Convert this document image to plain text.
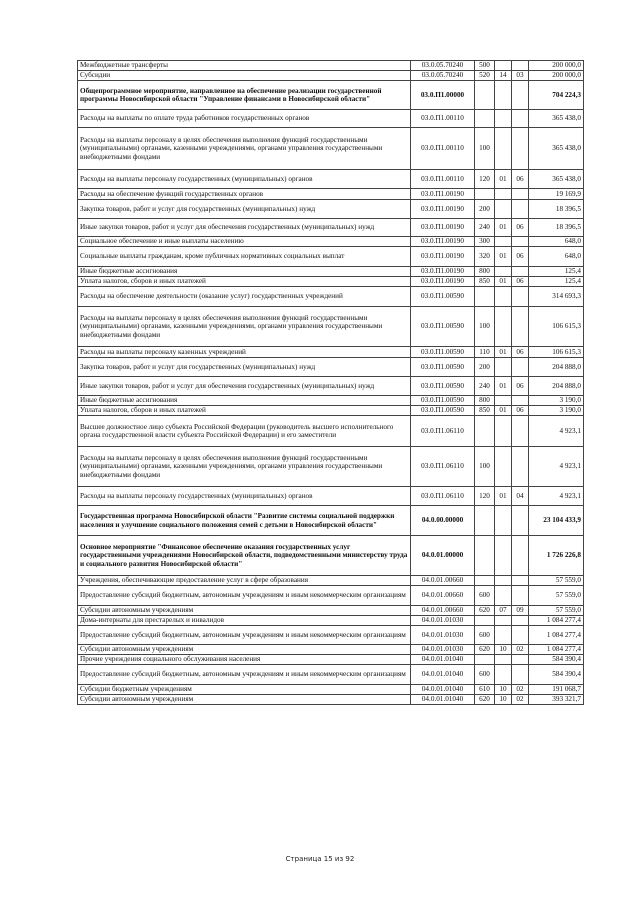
Межбюджетные трансферты	03.0.05.70240	500			200 000,0
Субсидии	03.0.05.70240	520	14	03	200 000,0
Общепрограммное мероприятие, направленное на обеспечение реализации государственной программы Новосибирской области "Управление финансами в Новосибирской области"	03.0.П1.00000				704 224,3
Расходы на выплаты по оплате труда работников государственных органов	03.0.П1.00110				365 438,0
Расходы на выплаты персоналу в целях обеспечения выполнения функций государственными (муниципальными) органами, казенными учреждениями, органами управления государственными внебюджетными фондами	03.0.П1.00110	100			365 438,0
Расходы на выплаты персоналу государственных (муниципальных) органов	03.0.П1.00110	120	01	06	365 438,0
Расходы на обеспечение функций государственных органов	03.0.П1.00190				19 169,9
Закупка товаров, работ и услуг для государственных (муниципальных) нужд	03.0.П1.00190	200			18 396,5
Иные закупки товаров, работ и услуг для обеспечения государственных (муниципальных) нужд	03.0.П1.00190	240	01	06	18 396,5
Социальное обеспечение и иные выплаты населению	03.0.П1.00190	300			648,0
Социальные выплаты гражданам, кроме публичных нормативных социальных выплат	03.0.П1.00190	320	01	06	648,0
Иные бюджетные ассигнования	03.0.П1.00190	800			125,4
Уплата налогов, сборов и иных платежей	03.0.П1.00190	850	01	06	125,4
Расходы на обеспечение деятельности (оказание услуг) государственных учреждений	03.0.П1.00590				314 693,3
Расходы на выплаты персоналу в целях обеспечения выполнения функций государственными (муниципальными) органами, казенными учреждениями, органами управления государственными внебюджетными фондами	03.0.П1.00590	100			106 615,3
Расходы на выплаты персоналу казенных учреждений	03.0.П1.00590	110	01	06	106 615,3
Закупка товаров, работ и услуг для государственных (муниципальных) нужд	03.0.П1.00590	200			204 888,0
Иные закупки товаров, работ и услуг для обеспечения государственных (муниципальных) нужд	03.0.П1.00590	240	01	06	204 888,0
Иные бюджетные ассигнования	03.0.П1.00590	800			3 190,0
Уплата налогов, сборов и иных платежей	03.0.П1.00590	850	01	06	3 190,0
Высшее должностное лицо субъекта Российской Федерации (руководитель высшего исполнительного органа государственной власти субъекта Российской Федерации) и его заместители	03.0.П1.06110				4 923,1
Расходы на выплаты персоналу в целях обеспечения выполнения функций государственными (муниципальными) органами, казенными учреждениями, органами управления государственными внебюджетными фондами	03.0.П1.06110	100			4 923,1
Расходы на выплаты персоналу государственных (муниципальных) органов	03.0.П1.06110	120	01	04	4 923,1
Государственная программа Новосибирской области "Развитие системы социальной поддержки населения и улучшение социального положения семей с детьми в Новосибирской области"	04.0.00.00000				23 104 433,9
Основное мероприятие "Финансовое обеспечение оказания государственных услуг государственными учреждениями Новосибирской области, подведомственными министерству труда и социального развития Новосибирской области"	04.0.01.00000				1 726 226,8
Учреждения, обеспечивающие предоставление услуг в сфере образования	04.0.01.00660				57 559,0
Предоставление субсидий бюджетным, автономным учреждениям и иным некоммерческим организациям	04.0.01.00660	600			57 559,0
Субсидии автономным учреждениям	04.0.01.00660	620	07	09	57 559,0
Дома-интернаты для престарелых и инвалидов	04.0.01.01030				1 084 277,4
Предоставление субсидий бюджетным, автономным учреждениям и иным некоммерческим организациям	04.0.01.01030	600			1 084 277,4
Субсидии автономным учреждениям	04.0.01.01030	620	10	02	1 084 277,4
Прочие учреждения социального обслуживания населения	04.0.01.01040				584 390,4
Предоставление субсидий бюджетным, автономным учреждениям и иным некоммерческим организациям	04.0.01.01040	600			584 390,4
Субсидии бюджетным учреждениям	04.0.01.01040	610	10	02	191 068,7
Субсидии автономным учреждениям	04.0.01.01040	620	10	02	393 321,7
Страница 15 из 92
